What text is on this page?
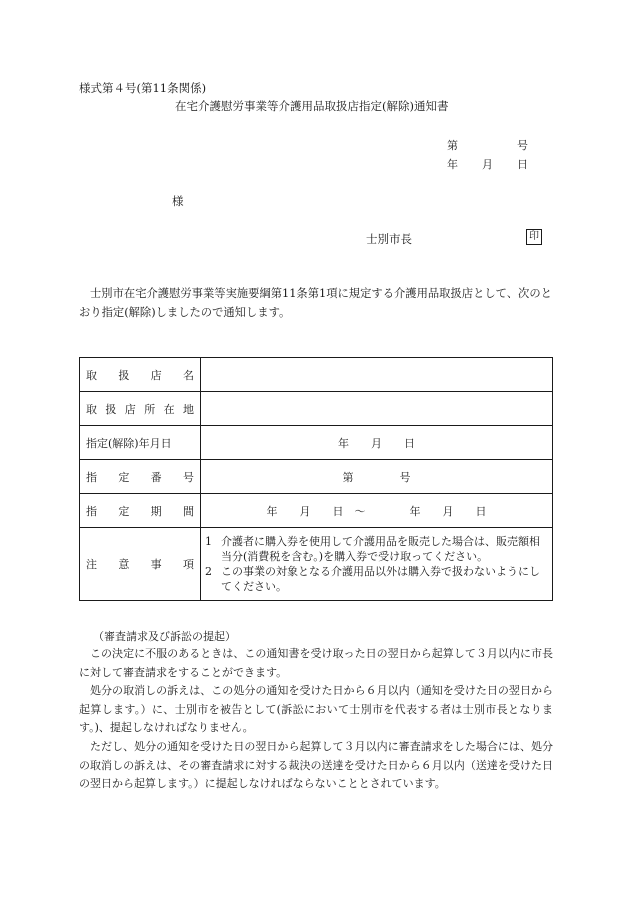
様式第４号(第11条関係)
在宅介護慰労事業等介護用品取扱店指定(解除)通知書
第	号
年 月 日
様
士別市長	印
士別市在宅介護慰労事業等実施要綱第11条第1項に規定する介護用品取扱店として、次のとおり指定(解除)しましたので通知します。
取　扱　店　名	
取扱店所在地	
指定(解除)年月日	年　　月　　日
指　定　番　号	第 号
指　定　期　間	年　　月　　日　～　　　　年　　月　　日
注　意　事　項	1 介護者に購入券を使用して介護用品を販売した場合は、販売額相当分(消費税を含む。)を購入券で受け取ってください。
2 この事業の対象となる介護用品以外は購入券で扱わないようにしてください。
（審査請求及び訴訟の提起）
この決定に不服のあるときは、この通知書を受け取った日の翌日から起算して３月以内に市長に対して審査請求をすることができます。
処分の取消しの訴えは、この処分の通知を受けた日から６月以内（通知を受けた日の翌日から起算します。）に、士別市を被告として(訴訟において士別市を代表する者は士別市長となります。)、提起しなければなりません。
ただし、処分の通知を受けた日の翌日から起算して３月以内に審査請求をした場合には、処分の取消しの訴えは、その審査請求に対する裁決の送達を受けた日から６月以内（送達を受けた日の翌日から起算します。）に提起しなければならないこととされています。
